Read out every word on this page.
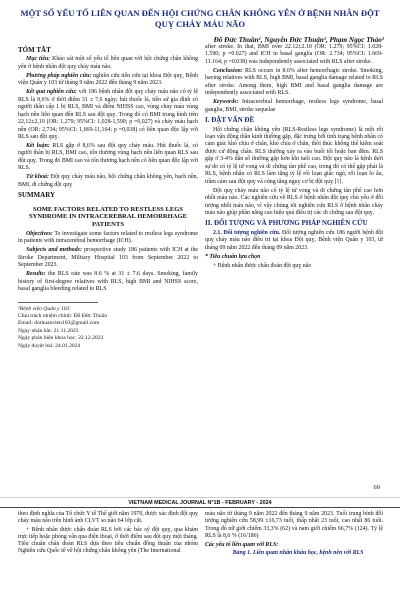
MỘT SỐ YẾU TỐ LIÊN QUAN ĐẾN HỘI CHỨNG CHÂN KHÔNG YÊN Ở BỆNH NHÂN ĐỘT QUỴ CHẢY MÁU NÃO
Đỗ Đức Thuần¹, Nguyễn Đức Thuận¹, Phạm Ngọc Thảo¹
TÓM TẮT

Mục tiêu: Khảo sát một số yếu tố liên quan với hội chứng chân không yên ở bệnh nhân đột quỵ chảy máu não.

Phương pháp nghiên cứu: nghiên cứu tiến cứu tại khoa Đột quỵ, Bệnh viện Quân y 103 từ tháng 9 năm 2022 đến tháng 9 năm 2023.

Kết quả nghiên cứu: với 186 bệnh nhân đột quỵ chảy máu não có tỷ lệ RLS là 8,6% ở thời điểm 31 ± 7,6 ngày; hút thuốc lá, tiền sử gia đình có người thân cấp 1 bị RLS, BMI và điểm NIHSS cao, vùng chảy máu vùng hạch nền liên quan đến RLS sau đột quỵ. Trong đó có BMI trung bình trên 22,12±2,10 (OR: 1,279; 95%CI: 1,028-1,590; p =0,027) và chảy máu hạch nền (OR: 2,734; 95%CI: 1,669-11,164; p =0,038) có liên quan độc lập với RLS sau đột quỵ.

Kết luận: RLS gặp ở 8,6% sau đột quỵ chảy máu. Hút thuốc lá, có người thân bị RLS, BMI cao, tổn thương vùng hạch nền liên quan RLS sau đột quỵ. Trong đó BMI cao và tổn thương hạch nền có liên quan độc lập với RLS.

Từ khoá: Đột quỵ chảy máu não, hội chứng chân không yên, hạch nền, BMI, di chứng đột quỵ

SUMMARY
SOME FACTORS RELATED TO RESTLESS LEGS SYNDROME IN INTRACEREBRAL HEMORRHAGE PATIENTS

Objectives: To investigate some factors related to restless legs syndrome in patients with intracerebral hemorrhage (ICH).

Subjects and methods: prospective study 186 patients with ICH at the Stroke Department, Military Hospital 103 from September 2022 to September 2023.

Results: the RLS rate was 8.6 % at 31 ± 7.6 days. Smoking, family history of first-degree relatives with RLS, high BMI and NIHSS score, basal ganglia bleeding related to RLS

¹Bệnh viện Quân y 103

Chịu trách nhiệm chính: Đỗ Đức Thuần

Email: dothuanvien103@gmail.com

Ngày nhận bài: 21.11.2023

Ngày phản biện khoa học: 22.12.2023

Ngày duyệt bài: 24.01.2024

after stroke. In that, BMI over 22.12±2.10 (OR: 1.279; 95%CI: 1.028-1.590; p =0.027) and ICH in basal ganglia (OR: 2.734; 95%CI: 1.669-11.164; p =0.038) was independently associated with RLS after stroke.

Conclusion: RLS occurs in 8.6% after hemorrhagic stroke. Smoking, having relatives with RLS, high BMI, basal ganglia damage related to RLS after stroke. Among them, high BMI and basal ganglia damage are independently associated with RLS.

Keywords: Intracerebral hemorrhage, restless legs syndrome, basal ganglia, BMI, stroke sequelae

I. ĐẶT VẤN ĐỀ

Hội chứng chân không yên (RLS-Restless legs syndrome) là một rối loạn vận động thần kinh thường gặp, đặc trưng bởi tình trạng bệnh nhân có cảm giác khó chịu ở chân, khó chịu ở chân, thôi thúc không thể kiểm soát được cử động chân. RLS thường xảy ra vào buổi tối hoặc ban đêm. RLS gặp ở 3-4% dân số thường gặp hơn khi tuổi cao. Đột quỵ não là bệnh thời sự do có tỷ lệ tử vong và di chứng tàn phế cao, trong đó có thể gặp phải là RLS, bệnh nhân có RLS làm tăng tỷ lệ rối loạn giấc ngủ, rối loạn lo âu, trầm cảm sau đột quỵ và cũng tăng nguy cơ bị đột quỵ [1].

Đột quỵ chảy máu não có tỷ lệ tử vong và di chứng tàn phế cao hơn nhồi máu não. Các nghiên cứu về RLS ở bệnh nhân đột quỵ chủ yếu ở đối tượng nhồi máu não, vì vậy chúng tôi nghiên cứu RLS ở bệnh nhân chảy máu não giúp phần năng cao hiệu quả điều trị các di chứng sau đột quỵ.

II. ĐỐI TƯỢNG VÀ PHƯƠNG PHÁP NGHIÊN CỨU

2.1. Đối tượng nghiên cứu. Đối tượng nghiên cứu 186 người bệnh đột quỵ chảy máu não điều trị tại khoa Đột quỵ, Bệnh viện Quân y 103, từ tháng 09 năm 2022 đến tháng 09 năm 2023.

* Tiêu chuẩn lựa chọn

+ Bệnh nhân được chẩn đoán đột quỵ não

69
VIETNAM MEDICAL JOURNAL N°1B - FEBRUARY - 2024

theo định nghĩa của Tổ chức Y tế Thế giới năm 1970, được xác định đột quỵ chảy máu não trên hình ảnh CLVT so não 64 lớp cắt.

+ Bệnh nhân được chẩn đoán RLS bởi các bác sỹ đột quỵ, qua khám trực tiếp hoặc phỏng vấn qua điện thoại, ở thời điểm sau đột quỵ một tháng. Tiêu chuẩn chẩn đoán RLS dựa theo tiêu chuẩn đồng thuận của nhóm Nghiên cứu Quốc tế về hội chứng chân không yên (The International

máu não từ tháng 9 năm 2022 đến tháng 9 năm 2023. Tuổi trung bình đối tượng nghiên cứu 58,99 ±16,73 tuổi, thấp nhất 23 tuổi, cao nhất 86 tuổi. Trong đó nữ giới chiếm 33,3% (62) và nam giới chiếm 66,7% (124). Tỷ lệ RLS là 8,6 % (16/186)

Các yếu tố liên quan với RLS:

Bảng 1. Liên quan nhân khẩu học, bệnh nền với RLS
